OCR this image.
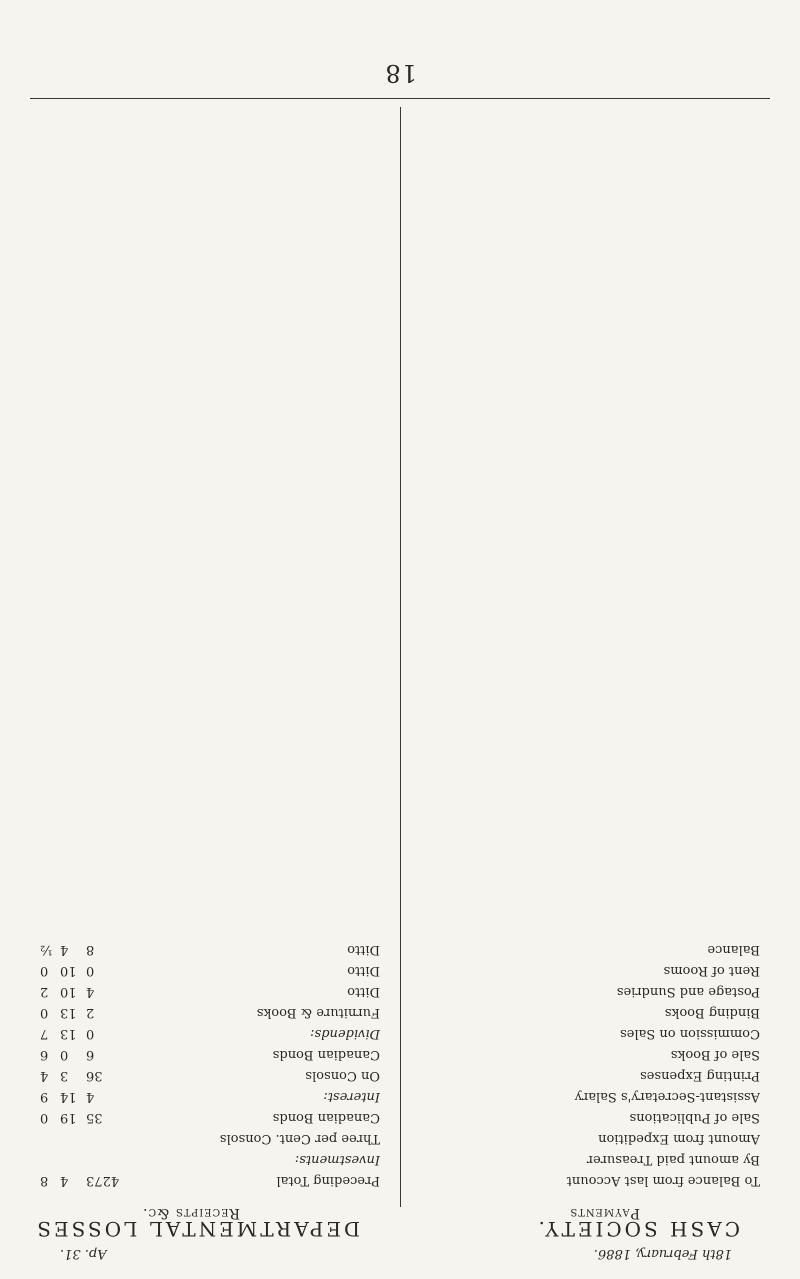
18
18th February, 1886.
Ap. 31.
CASH SOCIETY.
Payments
To Balance from last Account
By amount paid Treasurer
Amount from Expedition
Sale of Publications
Assistant-Secretary's Salary
Printing Expenses
Sale of Books
Commission on Sales
Binding Books
Postage and Sundries
Rent of Rooms
Balance
DEPARTMENTAL LOSSES
Receipts &c.
Preceding Total
4273
4
8
Investments:
Three per Cent. Consols
Canadian Bonds
35
19
0
Interest:
4
14
9
On Consols
36
3
4
Canadian Bonds
6
0
6
Dividends:
0
13
7
Furniture & Books
2
13
0
Ditto
4
10
2
Ditto
0
10
0
Ditto
8
4
½
